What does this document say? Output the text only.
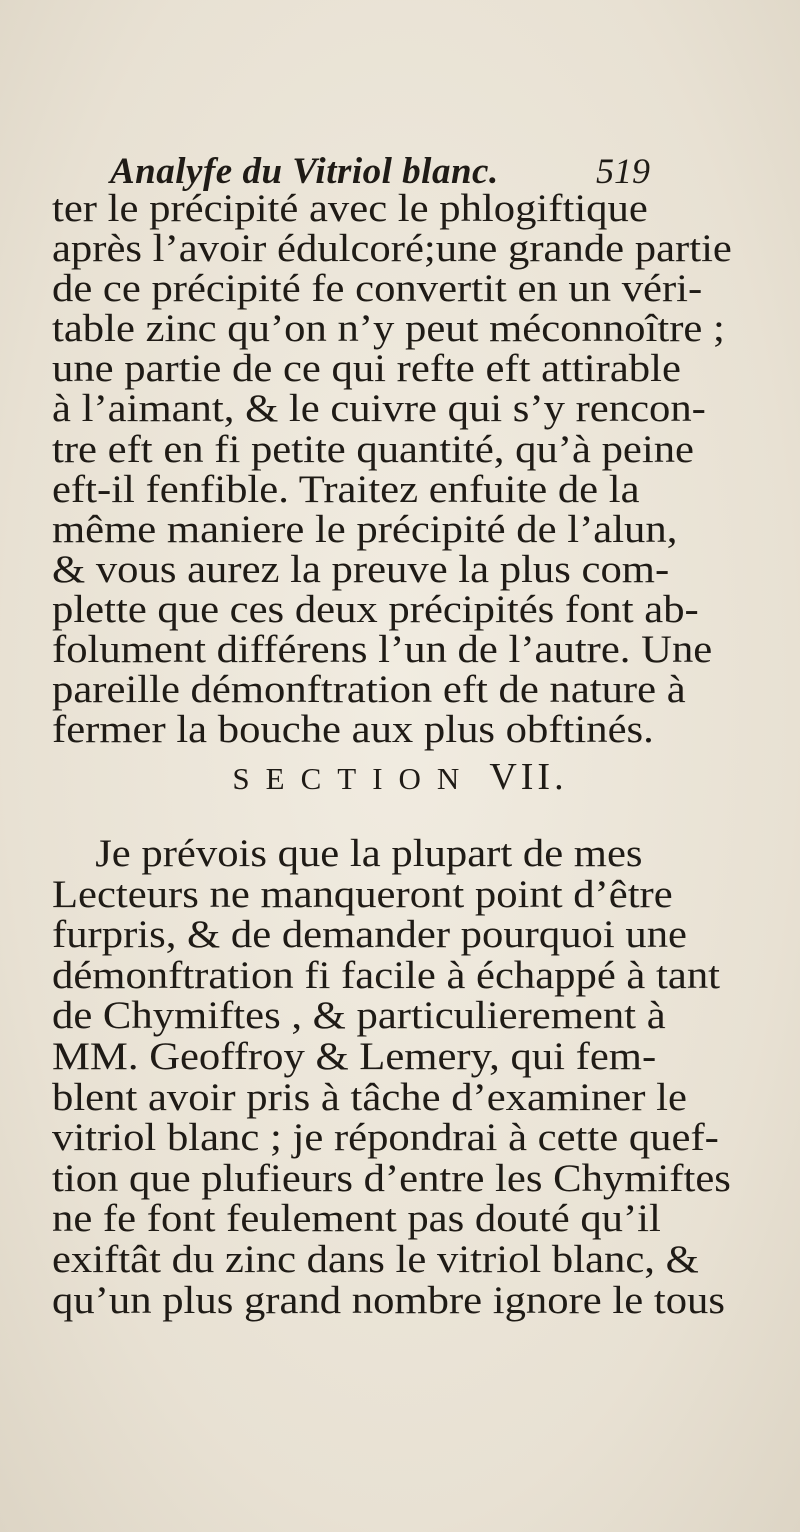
Analyfe du Vitriol blanc.	519
ter le précipité avec le phlogiftique
après l’avoir édulcoré;une grande partie
de ce précipité fe convertit en un véri-
table zinc qu’on n’y peut méconnoître ;
une partie de ce qui refte eft attirable
à l’aimant, & le cuivre qui s’y rencon-
tre eft en fi petite quantité, qu’à peine
eft-il fenfible. Traitez enfuite de la
même maniere le précipité de l’alun,
& vous aurez la preuve la plus com-
plette que ces deux précipités font ab-
folument différens l’un de l’autre. Une
pareille démonftration eft de nature à
fermer la bouche aux plus obftinés.
SECTION VII.
Je prévois que la plupart de mes
Lecteurs ne manqueront point d’être
furpris, & de demander pourquoi une
démonftration fi facile à échappé à tant
de Chymiftes , & particulierement à
MM. Geoffroy & Lemery, qui fem-
blent avoir pris à tâche d’examiner le
vitriol blanc ; je répondrai à cette quef-
tion que plufieurs d’entre les Chymiftes
ne fe font feulement pas douté qu’il
exiftât du zinc dans le vitriol blanc, &
qu’un plus grand nombre ignore le tous
